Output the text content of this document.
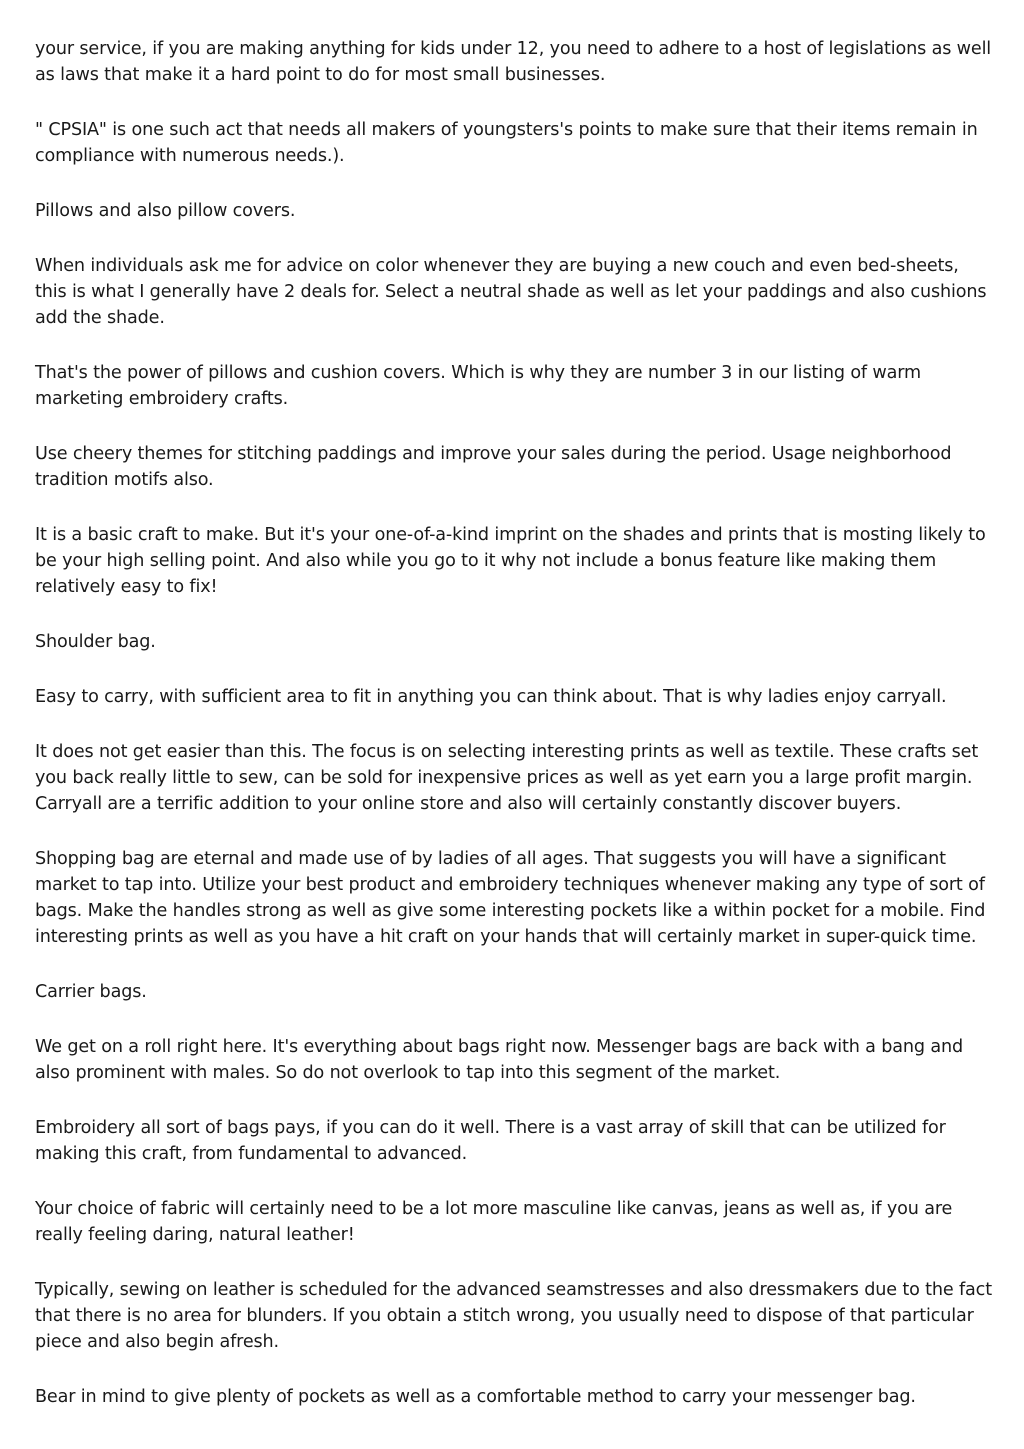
your service, if you are making anything for kids under 12, you need to adhere to a host of legislations as well as laws that make it a hard point to do for most small businesses.

" CPSIA" is one such act that needs all makers of youngsters's points to make sure that their items remain in compliance with numerous needs.).

Pillows and also pillow covers.

When individuals ask me for advice on color whenever they are buying a new couch and even bed-sheets, this is what I generally have 2 deals for. Select a neutral shade as well as let your paddings and also cushions add the shade.

That's the power of pillows and cushion covers. Which is why they are number 3 in our listing of warm marketing embroidery crafts.

Use cheery themes for stitching paddings and improve your sales during the period. Usage neighborhood tradition motifs also.

It is a basic craft to make. But it's your one-of-a-kind imprint on the shades and prints that is mosting likely to be your high selling point. And also while you go to it why not include a bonus feature like making them relatively easy to fix!

Shoulder bag.

Easy to carry, with sufficient area to fit in anything you can think about. That is why ladies enjoy carryall.

It does not get easier than this. The focus is on selecting interesting prints as well as textile. These crafts set you back really little to sew, can be sold for inexpensive prices as well as yet earn you a large profit margin. Carryall are a terrific addition to your online store and also will certainly constantly discover buyers.

Shopping bag are eternal and made use of by ladies of all ages. That suggests you will have a significant market to tap into. Utilize your best product and embroidery techniques whenever making any type of sort of bags. Make the handles strong as well as give some interesting pockets like a within pocket for a mobile. Find interesting prints as well as you have a hit craft on your hands that will certainly market in super-quick time.

Carrier bags.

We get on a roll right here. It's everything about bags right now. Messenger bags are back with a bang and also prominent with males. So do not overlook to tap into this segment of the market.

Embroidery all sort of bags pays, if you can do it well. There is a vast array of skill that can be utilized for making this craft, from fundamental to advanced.

Your choice of fabric will certainly need to be a lot more masculine like canvas, jeans as well as, if you are really feeling daring, natural leather!

Typically, sewing on leather is scheduled for the advanced seamstresses and also dressmakers due to the fact that there is no area for blunders. If you obtain a stitch wrong, you usually need to dispose of that particular piece and also begin afresh.

Bear in mind to give plenty of pockets as well as a comfortable method to carry your messenger bag.
